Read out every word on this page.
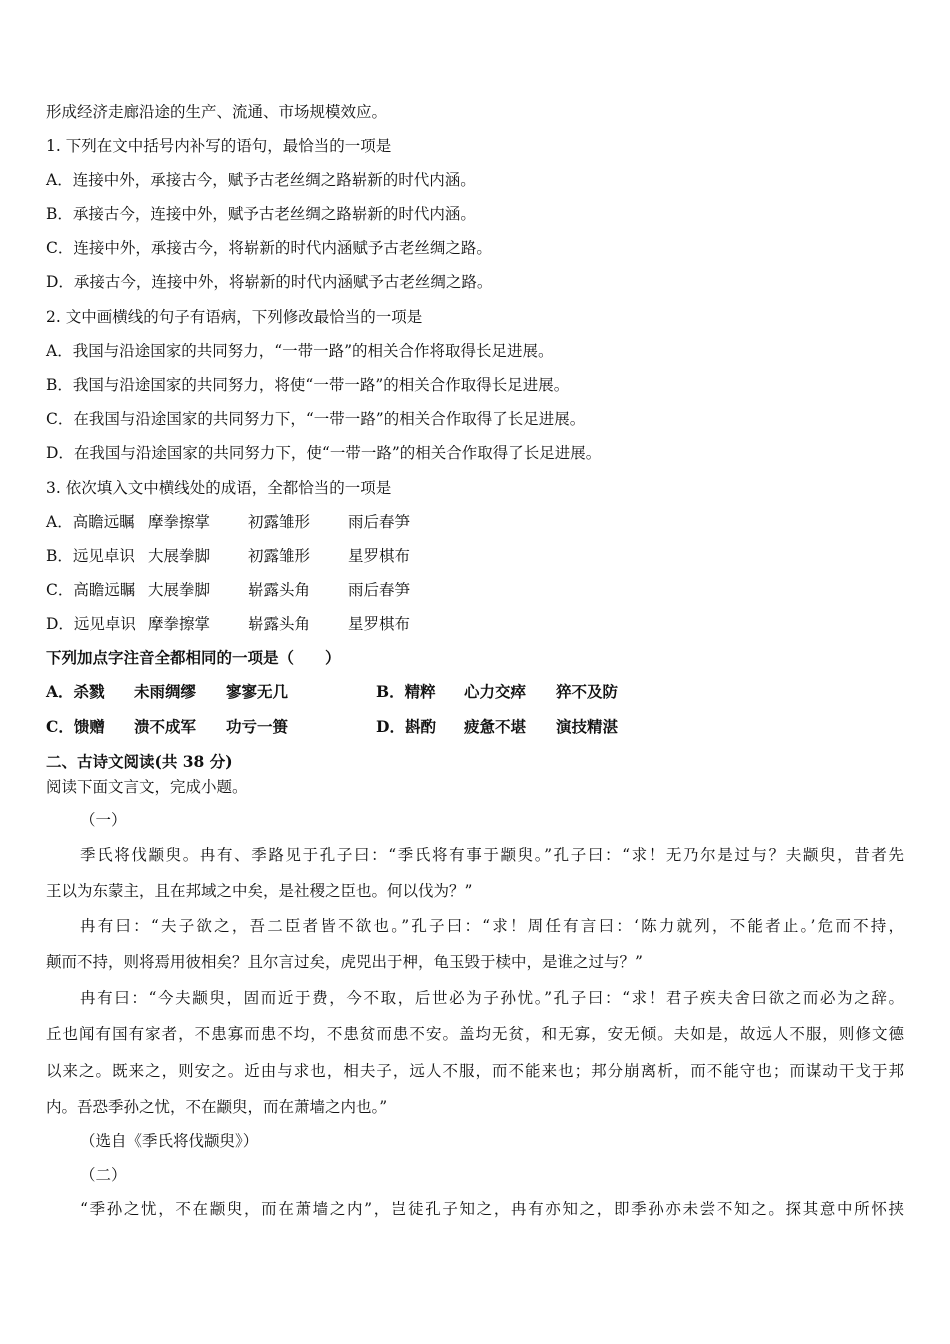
形成经济走廊沿途的生产、流通、市场规模效应。
1. 下列在文中括号内补写的语句，最恰当的一项是
A．连接中外，承接古今，赋予古老丝绸之路崭新的时代内涵。
B．承接古今，连接中外，赋予古老丝绸之路崭新的时代内涵。
C．连接中外，承接古今，将崭新的时代内涵赋予古老丝绸之路。
D．承接古今，连接中外，将崭新的时代内涵赋予古老丝绸之路。
2. 文中画横线的句子有语病，下列修改最恰当的一项是
A．我国与沿途国家的共同努力，“一带一路”的相关合作将取得长足进展。
B．我国与沿途国家的共同努力，将使“一带一路”的相关合作取得长足进展。
C．在我国与沿途国家的共同努力下，“一带一路”的相关合作取得了长足进展。
D．在我国与沿途国家的共同努力下，使“一带一路”的相关合作取得了长足进展。
3. 依次填入文中横线处的成语，全都恰当的一项是
A．高瞻远瞩 摩拳擦掌 初露雏形 雨后春笋
B．远见卓识 大展拳脚 初露雏形 星罗棋布
C．高瞻远瞩 大展拳脚 崭露头角 雨后春笋
D．远见卓识 摩拳擦掌 崭露头角 星罗棋布
下列加点字注音全都相同的一项是（　　）
A．杀戮 未雨绸缪 寥寥无几	B．精粹 心力交瘁 猝不及防
C．馈赠 溃不成军 功亏一篑	D．斟酌 疲惫不堪 演技精湛
二、古诗文阅读(共 38 分)
阅读下面文言文，完成小题。
（一）
季氏将伐颛臾。冉有、季路见于孔子曰：“季氏将有事于颛臾。”孔子曰：“求！无乃尔是过与？夫颛臾，昔者先
王以为东蒙主，且在邦域之中矣，是社稷之臣也。何以伐为？”
冉有曰：“夫子欲之，吾二臣者皆不欲也。”孔子曰：“求！周任有言曰：‘陈力就列，不能者止。’危而不持，
颠而不持，则将焉用彼相矣？且尔言过矣，虎兕出于柙，龟玉毁于椟中，是谁之过与？”
冉有曰：“今夫颛臾，固而近于费，今不取，后世必为子孙忧。”孔子曰：“求！君子疾夫舍曰欲之而必为之辞。
丘也闻有国有家者，不患寡而患不均，不患贫而患不安。盖均无贫，和无寡，安无倾。夫如是，故远人不服，则修文德
以来之。既来之，则安之。近由与求也，相夫子，远人不服，而不能来也；邦分崩离析，而不能守也；而谋动干戈于邦
内。吾恐季孙之忧，不在颛臾，而在萧墙之内也。”
（选自《季氏将伐颛臾》）
（二）
“季孙之忧，不在颛臾，而在萧墙之内”，岂徒孔子知之，冉有亦知之，即季孙亦未尝不知之。探其意中所怀挟
